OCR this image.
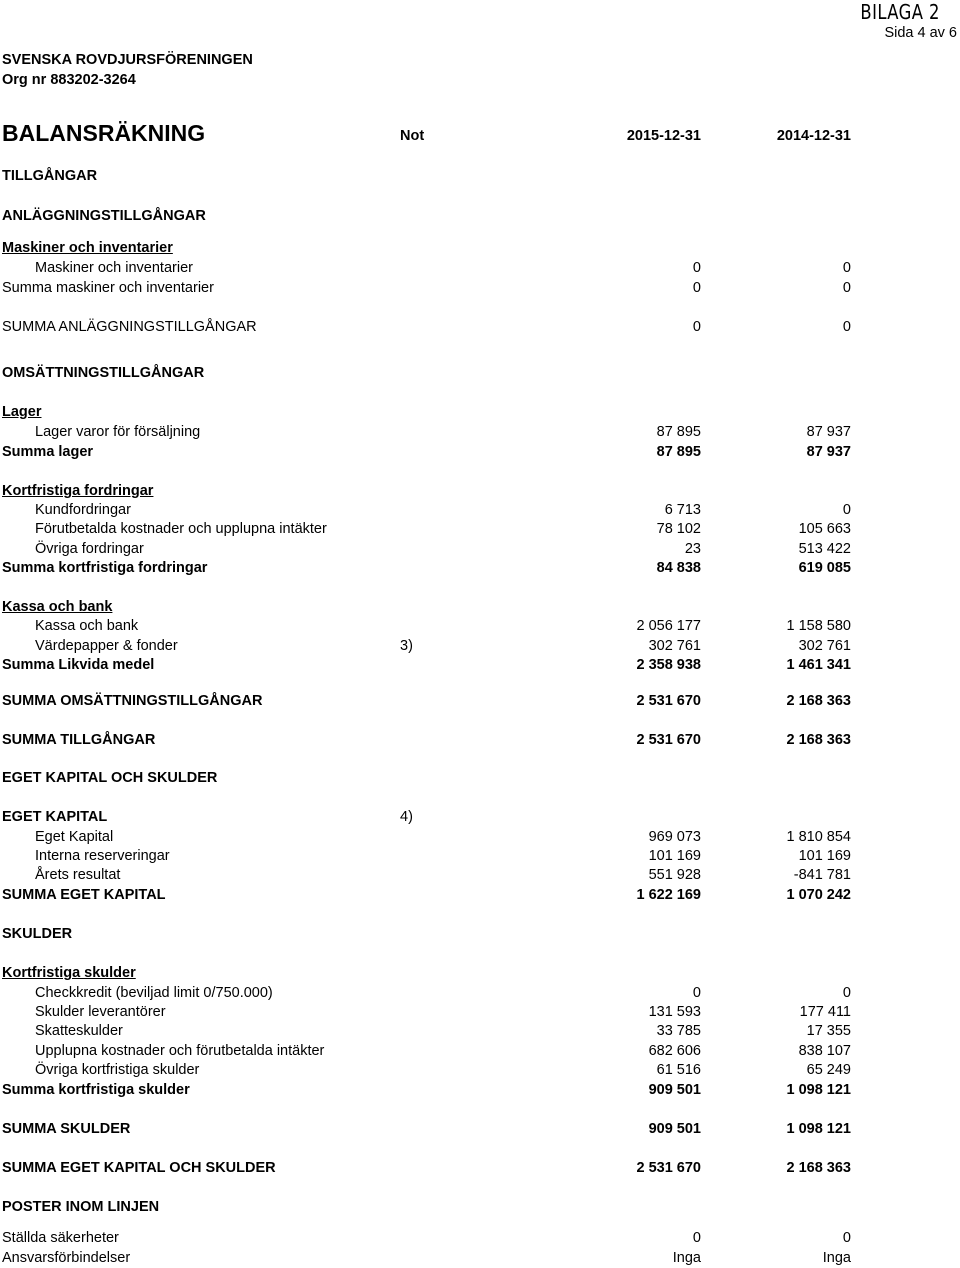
BILAGA 2
Sida 4 av 6
SVENSKA ROVDJURSFÖRENINGEN
Org nr 883202-3264
BALANSRÄKNING	Not	2015-12-31	2014-12-31
TILLGÅNGAR
ANLÄGGNINGSTILLGÅNGAR
Maskiner och inventarier
Maskiner och inventarier	0	0
Summa maskiner och inventarier	0	0
SUMMA ANLÄGGNINGSTILLGÅNGAR	0	0
OMSÄTTNINGSTILLGÅNGAR
Lager
Lager varor för försäljning	87 895	87 937
Summa lager	87 895	87 937
Kortfristiga fordringar
Kundfordringar	6 713	0
Förutbetalda kostnader och upplupna intäkter	78 102	105 663
Övriga fordringar	23	513 422
Summa kortfristiga fordringar	84 838	619 085
Kassa och bank
Kassa och bank	2 056 177	1 158 580
Värdepapper & fonder	3)	302 761	302 761
Summa Likvida medel	2 358 938	1 461 341
SUMMA OMSÄTTNINGSTILLGÅNGAR	2 531 670	2 168 363
SUMMA TILLGÅNGAR	2 531 670	2 168 363
EGET KAPITAL OCH SKULDER
EGET KAPITAL	4)
Eget Kapital	969 073	1 810 854
Interna reserveringar	101 169	101 169
Årets resultat	551 928	-841 781
SUMMA EGET KAPITAL	1 622 169	1 070 242
SKULDER
Kortfristiga skulder
Checkkredit (beviljad limit 0/750.000)	0	0
Skulder leverantörer	131 593	177 411
Skatteskulder	33 785	17 355
Upplupna kostnader och förutbetalda intäkter	682 606	838 107
Övriga kortfristiga skulder	61 516	65 249
Summa kortfristiga skulder	909 501	1 098 121
SUMMA SKULDER	909 501	1 098 121
SUMMA EGET KAPITAL OCH SKULDER	2 531 670	2 168 363
POSTER INOM LINJEN
Ställda säkerheter	0	0
Ansvarsförbindelser	Inga	Inga
